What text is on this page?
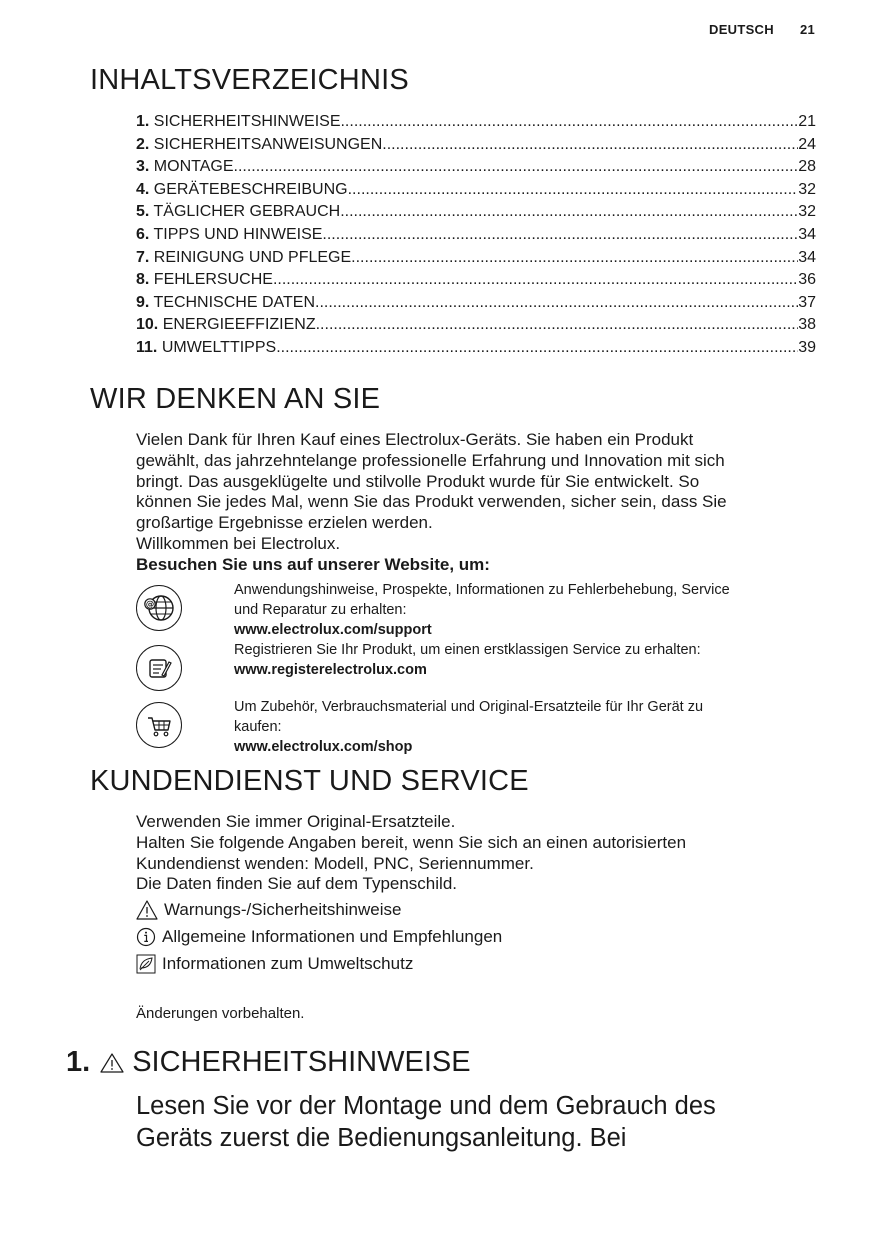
DEUTSCH 21
INHALTSVERZEICHNIS
1. SICHERHEITSHINWEISE .....	21
2. SICHERHEITSANWEISUNGEN .....	24
3. MONTAGE .....	28
4. GERÄTEBESCHREIBUNG .....	32
5. TÄGLICHER GEBRAUCH .....	32
6. TIPPS UND HINWEISE .....	34
7. REINIGUNG UND PFLEGE .....	34
8. FEHLERSUCHE .....	36
9. TECHNISCHE DATEN .....	37
10. ENERGIEEFFIZIENZ .....	38
11. UMWELTTIPPS .....	39
WIR DENKEN AN SIE
Vielen Dank für Ihren Kauf eines Electrolux-Geräts. Sie haben ein Produkt
gewählt, das jahrzehntelange professionelle Erfahrung und Innovation mit sich
bringt. Das ausgeklügelte und stilvolle Produkt wurde für Sie entwickelt. So
können Sie jedes Mal, wenn Sie das Produkt verwenden, sicher sein, dass Sie
großartige Ergebnisse erzielen werden.
Willkommen bei Electrolux.
Besuchen Sie uns auf unserer Website, um:
@
Anwendungshinweise, Prospekte, Informationen zu Fehlerbehebung, Service
und Reparatur zu erhalten:
www.electrolux.com/support
Registrieren Sie Ihr Produkt, um einen erstklassigen Service zu erhalten:
www.registerelectrolux.com
Um Zubehör, Verbrauchsmaterial und Original-Ersatzteile für Ihr Gerät zu
kaufen:
www.electrolux.com/shop
KUNDENDIENST UND SERVICE
Verwenden Sie immer Original-Ersatzteile.
Halten Sie folgende Angaben bereit, wenn Sie sich an einen autorisierten
Kundendienst wenden: Modell, PNC, Seriennummer.
Die Daten finden Sie auf dem Typenschild.
Warnungs-/Sicherheitshinweise
Allgemeine Informationen und Empfehlungen
Informationen zum Umweltschutz
Änderungen vorbehalten.
1. SICHERHEITSHINWEISE
Lesen Sie vor der Montage und dem Gebrauch des
Geräts zuerst die Bedienungsanleitung. Bei
